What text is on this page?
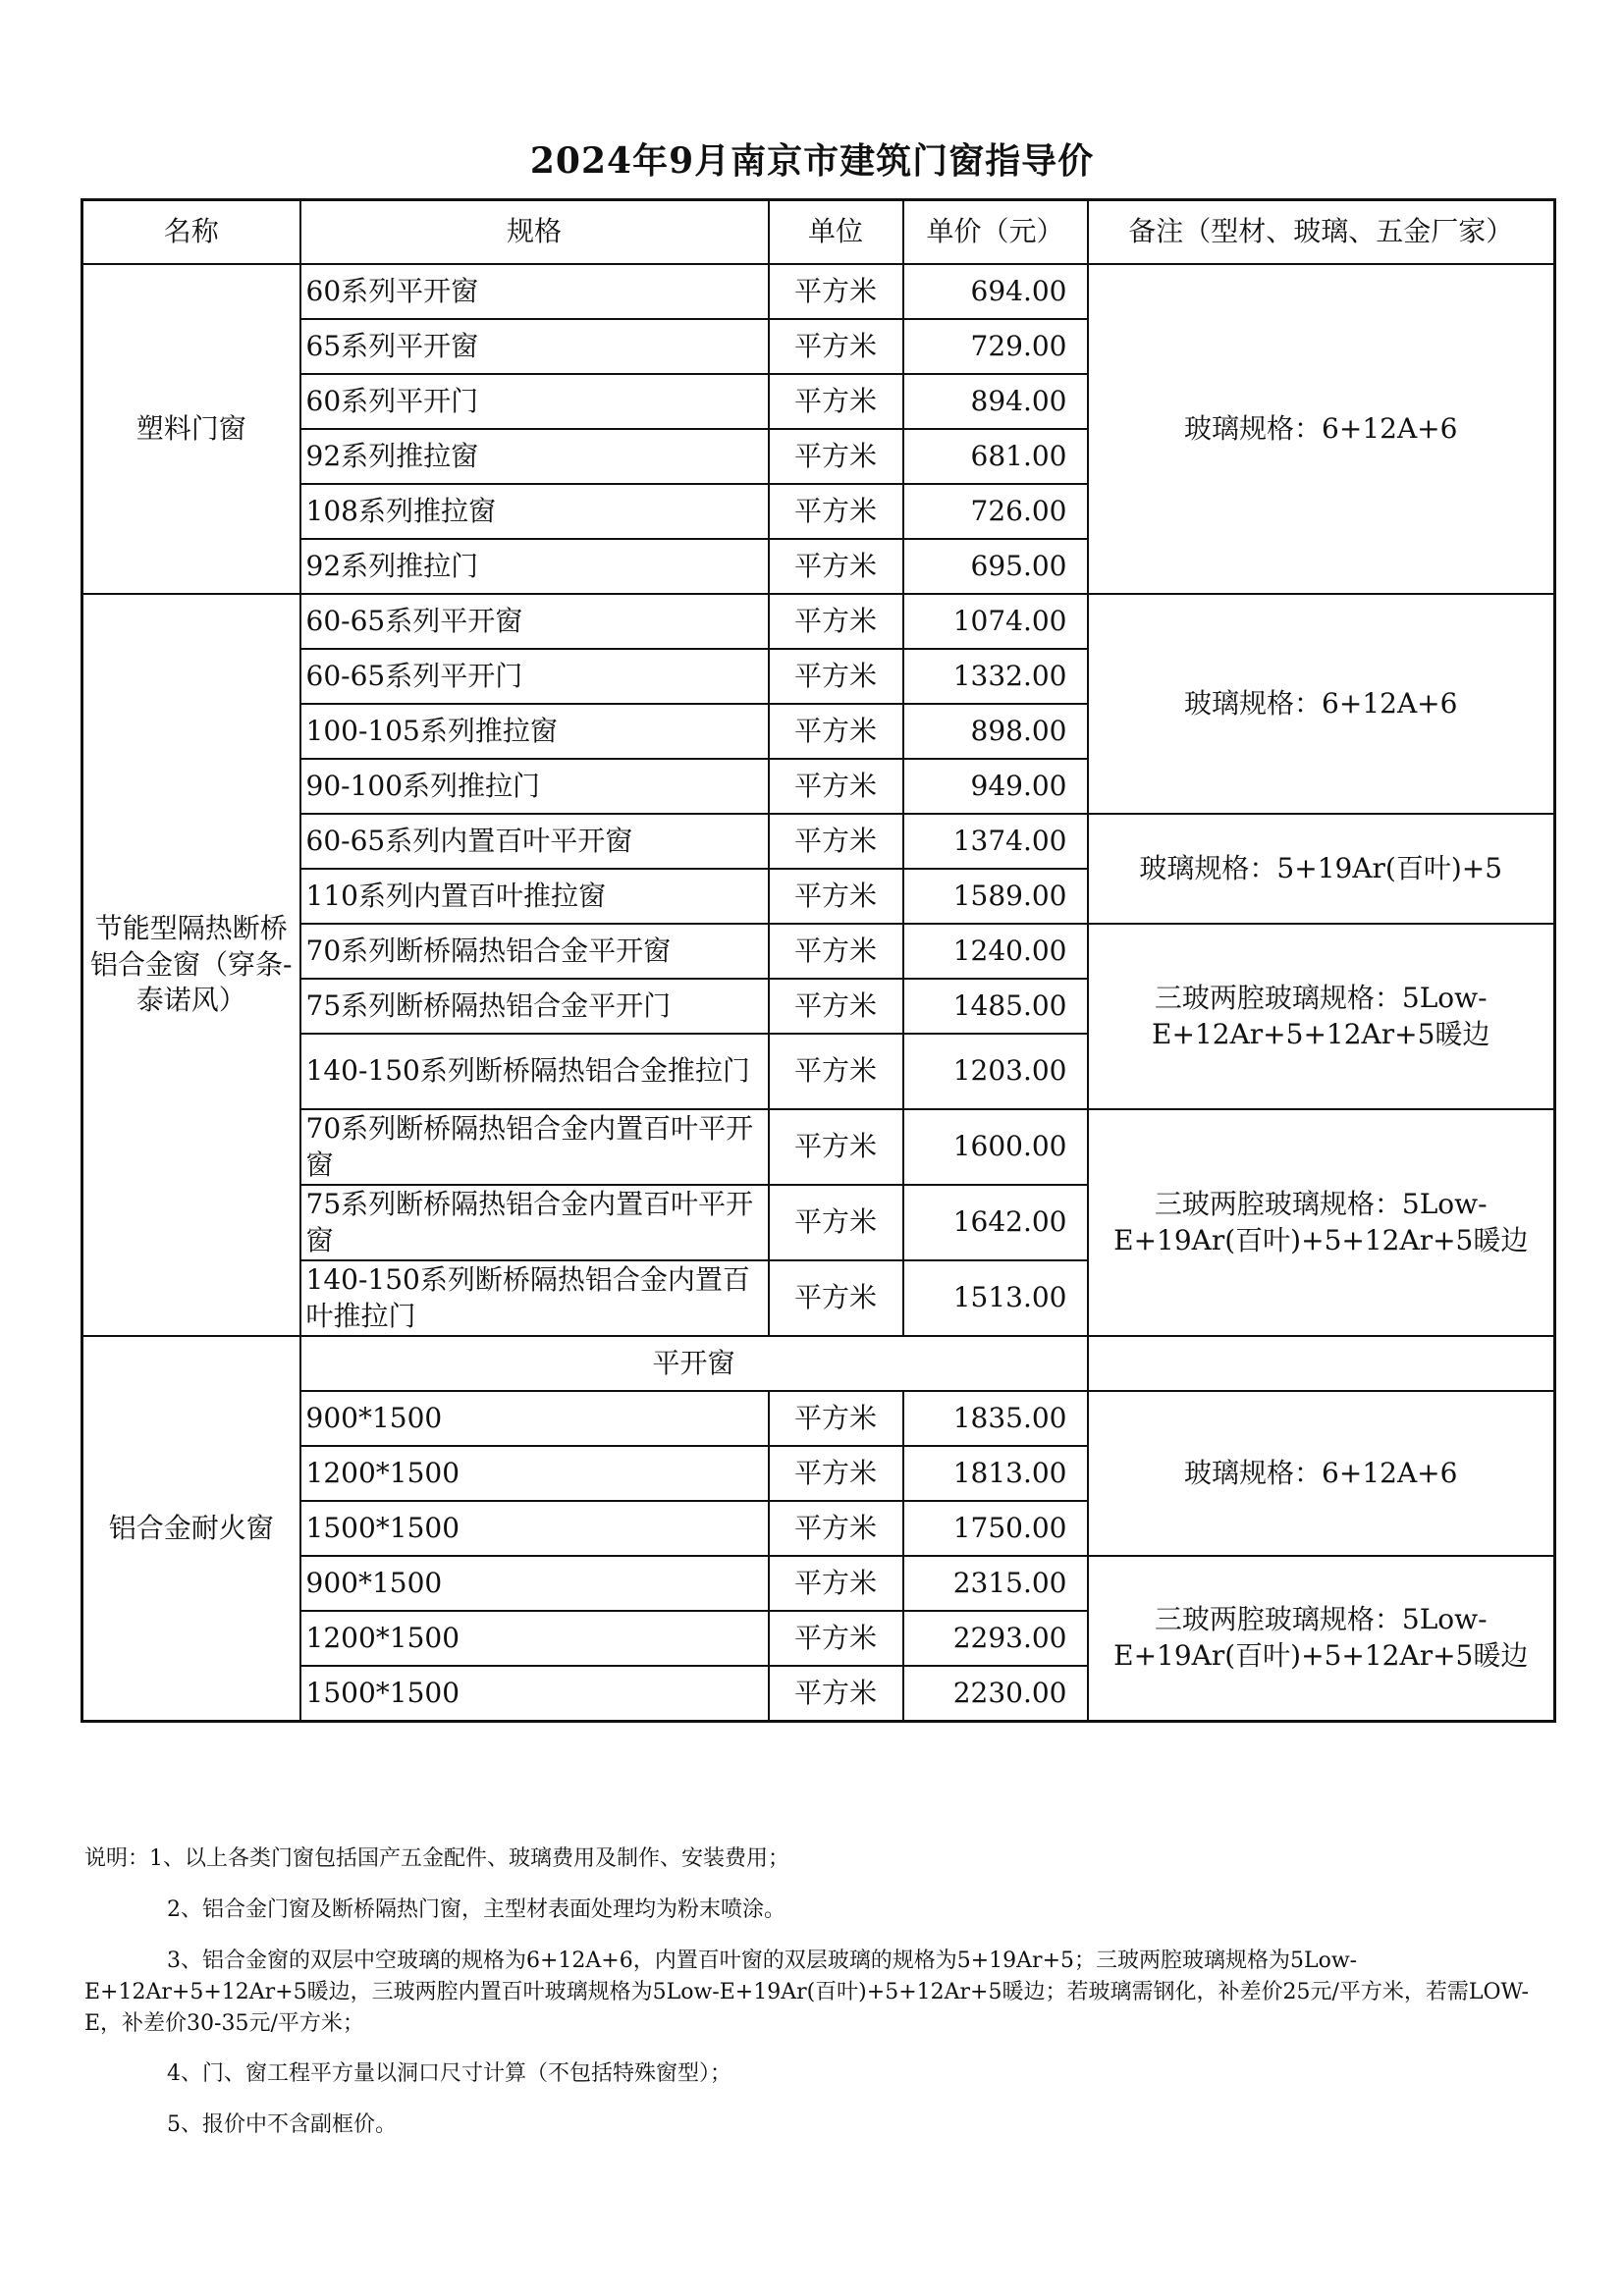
2024年9月南京市建筑门窗指导价
名称	规格	单位	单价（元）	备注（型材、玻璃、五金厂家）
塑料门窗	60系列平开窗	平方米	694.00	玻璃规格：6+12A+6
	65系列平开窗	平方米	729.00	
	60系列平开门	平方米	894.00	
	92系列推拉窗	平方米	681.00	
	108系列推拉窗	平方米	726.00	
	92系列推拉门	平方米	695.00	
节能型隔热断桥铝合金窗（穿条-泰诺风）	60-65系列平开窗	平方米	1074.00	玻璃规格：6+12A+6
	60-65系列平开门	平方米	1332.00	
	100-105系列推拉窗	平方米	898.00	
	90-100系列推拉门	平方米	949.00	
	60-65系列内置百叶平开窗	平方米	1374.00	玻璃规格：5+19Ar(百叶)+5
	110系列内置百叶推拉窗	平方米	1589.00	
	70系列断桥隔热铝合金平开窗	平方米	1240.00	三玻两腔玻璃规格：5Low-E+12Ar+5+12Ar+5暖边
	75系列断桥隔热铝合金平开门	平方米	1485.00	
	140-150系列断桥隔热铝合金推拉门	平方米	1203.00	
	70系列断桥隔热铝合金内置百叶平开窗	平方米	1600.00	三玻两腔玻璃规格：5Low-E+19Ar(百叶)+5+12Ar+5暖边
	75系列断桥隔热铝合金内置百叶平开窗	平方米	1642.00	
	140-150系列断桥隔热铝合金内置百叶推拉门	平方米	1513.00	
铝合金耐火窗	平开窗			
	900*1500	平方米	1835.00	玻璃规格：6+12A+6
	1200*1500	平方米	1813.00	
	1500*1500	平方米	1750.00	
	900*1500	平方米	2315.00	三玻两腔玻璃规格：5Low-E+19Ar(百叶)+5+12Ar+5暖边
	1200*1500	平方米	2293.00	
	1500*1500	平方米	2230.00	

说明：1、以上各类门窗包括国产五金配件、玻璃费用及制作、安装费用；

2、铝合金门窗及断桥隔热门窗，主型材表面处理均为粉末喷涂。

3、铝合金窗的双层中空玻璃的规格为6+12A+6，内置百叶窗的双层玻璃的规格为5+19Ar+5；三玻两腔玻璃规格为5Low-E+12Ar+5+12Ar+5暖边，三玻两腔内置百叶玻璃规格为5Low-E+19Ar(百叶)+5+12Ar+5暖边；若玻璃需钢化，补差价25元/平方米，若需LOW-E，补差价30-35元/平方米；

4、门、窗工程平方量以洞口尺寸计算（不包括特殊窗型）；

5、报价中不含副框价。
